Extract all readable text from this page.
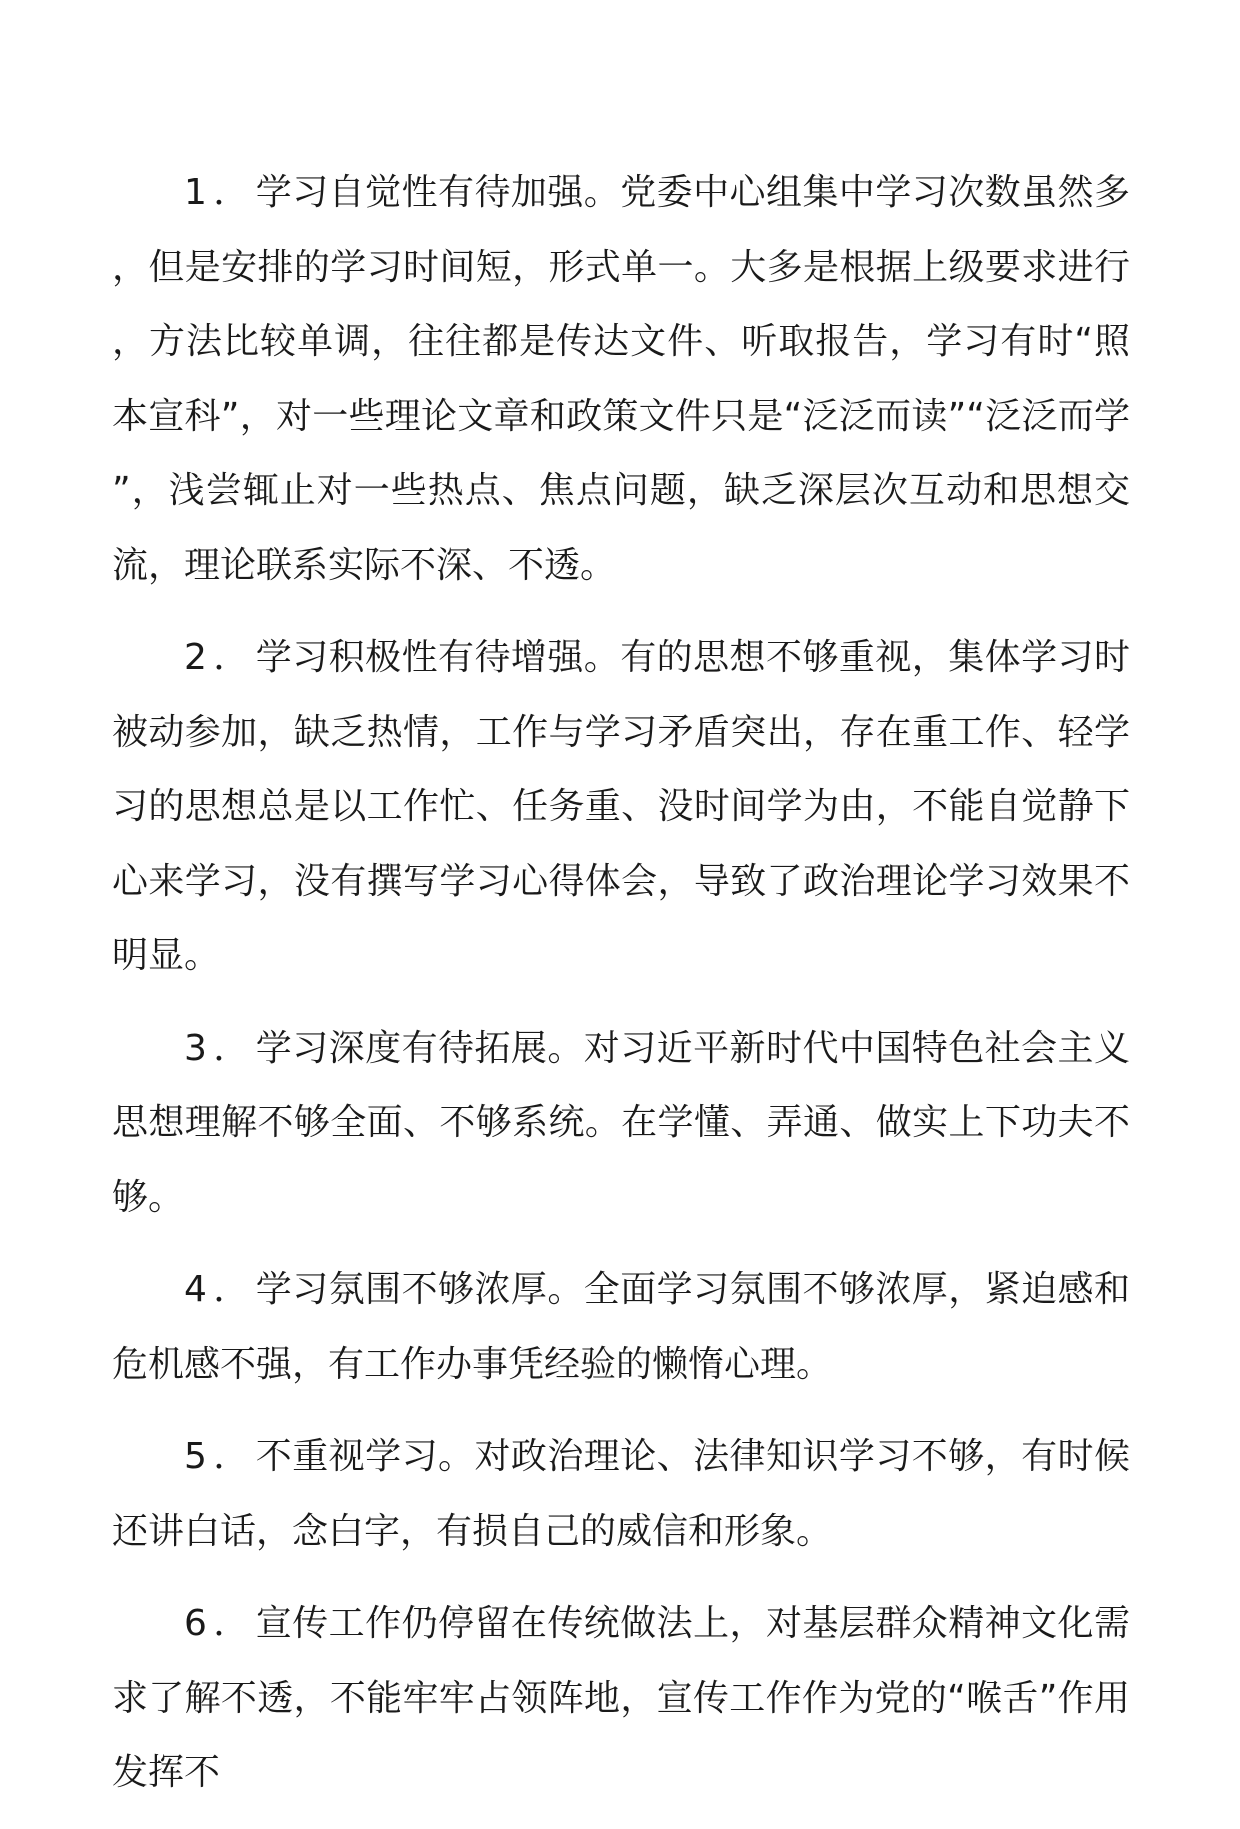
1．学习自觉性有待加强。党委中心组集中学习次数虽然多，但是安排的学习时间短，形式单一。大多是根据上级要求进行，方法比较单调，往往都是传达文件、听取报告，学习有时“照本宣科”，对一些理论文章和政策文件只是“泛泛而读”“泛泛而学”，浅尝辄止对一些热点、焦点问题，缺乏深层次互动和思想交流，理论联系实际不深、不透。

2．学习积极性有待增强。有的思想不够重视，集体学习时被动参加，缺乏热情，工作与学习矛盾突出，存在重工作、轻学习的思想总是以工作忙、任务重、没时间学为由，不能自觉静下心来学习，没有撰写学习心得体会，导致了政治理论学习效果不明显。

3．学习深度有待拓展。对习近平新时代中国特色社会主义思想理解不够全面、不够系统。在学懂、弄通、做实上下功夫不够。

4．学习氛围不够浓厚。全面学习氛围不够浓厚，紧迫感和危机感不强，有工作办事凭经验的懒惰心理。

5．不重视学习。对政治理论、法律知识学习不够，有时候还讲白话，念白字，有损自己的威信和形象。

6．宣传工作仍停留在传统做法上，对基层群众精神文化需求了解不透，不能牢牢占领阵地，宣传工作作为党的“喉舌”作用发挥不
